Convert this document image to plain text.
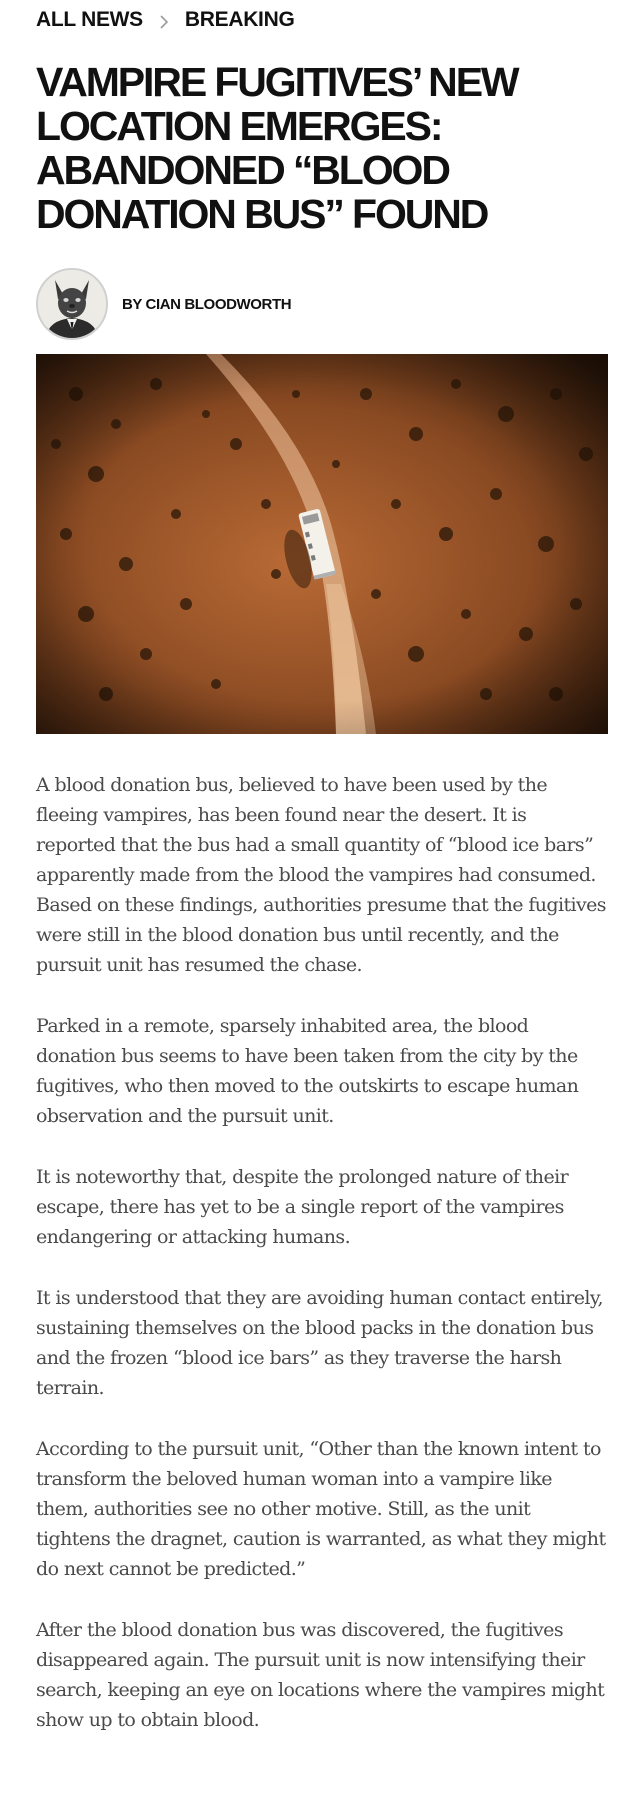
ALL NEWS BREAKING
VAMPIRE FUGITIVES’ NEW LOCATION EMERGES: ABANDONED “BLOOD DONATION BUS” FOUND
BY CIAN BLOODWORTH

A blood donation bus, believed to have been used by the fleeing vampires, has been found near the desert. It is reported that the bus had a small quantity of “blood ice bars” apparently made from the blood the vampires had consumed. Based on these findings, authorities presume that the fugitives were still in the blood donation bus until recently, and the pursuit unit has resumed the chase.

Parked in a remote, sparsely inhabited area, the blood donation bus seems to have been taken from the city by the fugitives, who then moved to the outskirts to escape human observation and the pursuit unit.

It is noteworthy that, despite the prolonged nature of their escape, there has yet to be a single report of the vampires endangering or attacking humans.

It is understood that they are avoiding human contact entirely, sustaining themselves on the blood packs in the donation bus and the frozen “blood ice bars” as they traverse the harsh terrain.

According to the pursuit unit, “Other than the known intent to transform the beloved human woman into a vampire like them, authorities see no other motive. Still, as the unit tightens the dragnet, caution is warranted, as what they might do next cannot be predicted.”

After the blood donation bus was discovered, the fugitives disappeared again. The pursuit unit is now intensifying their search, keeping an eye on locations where the vampires might show up to obtain blood.
